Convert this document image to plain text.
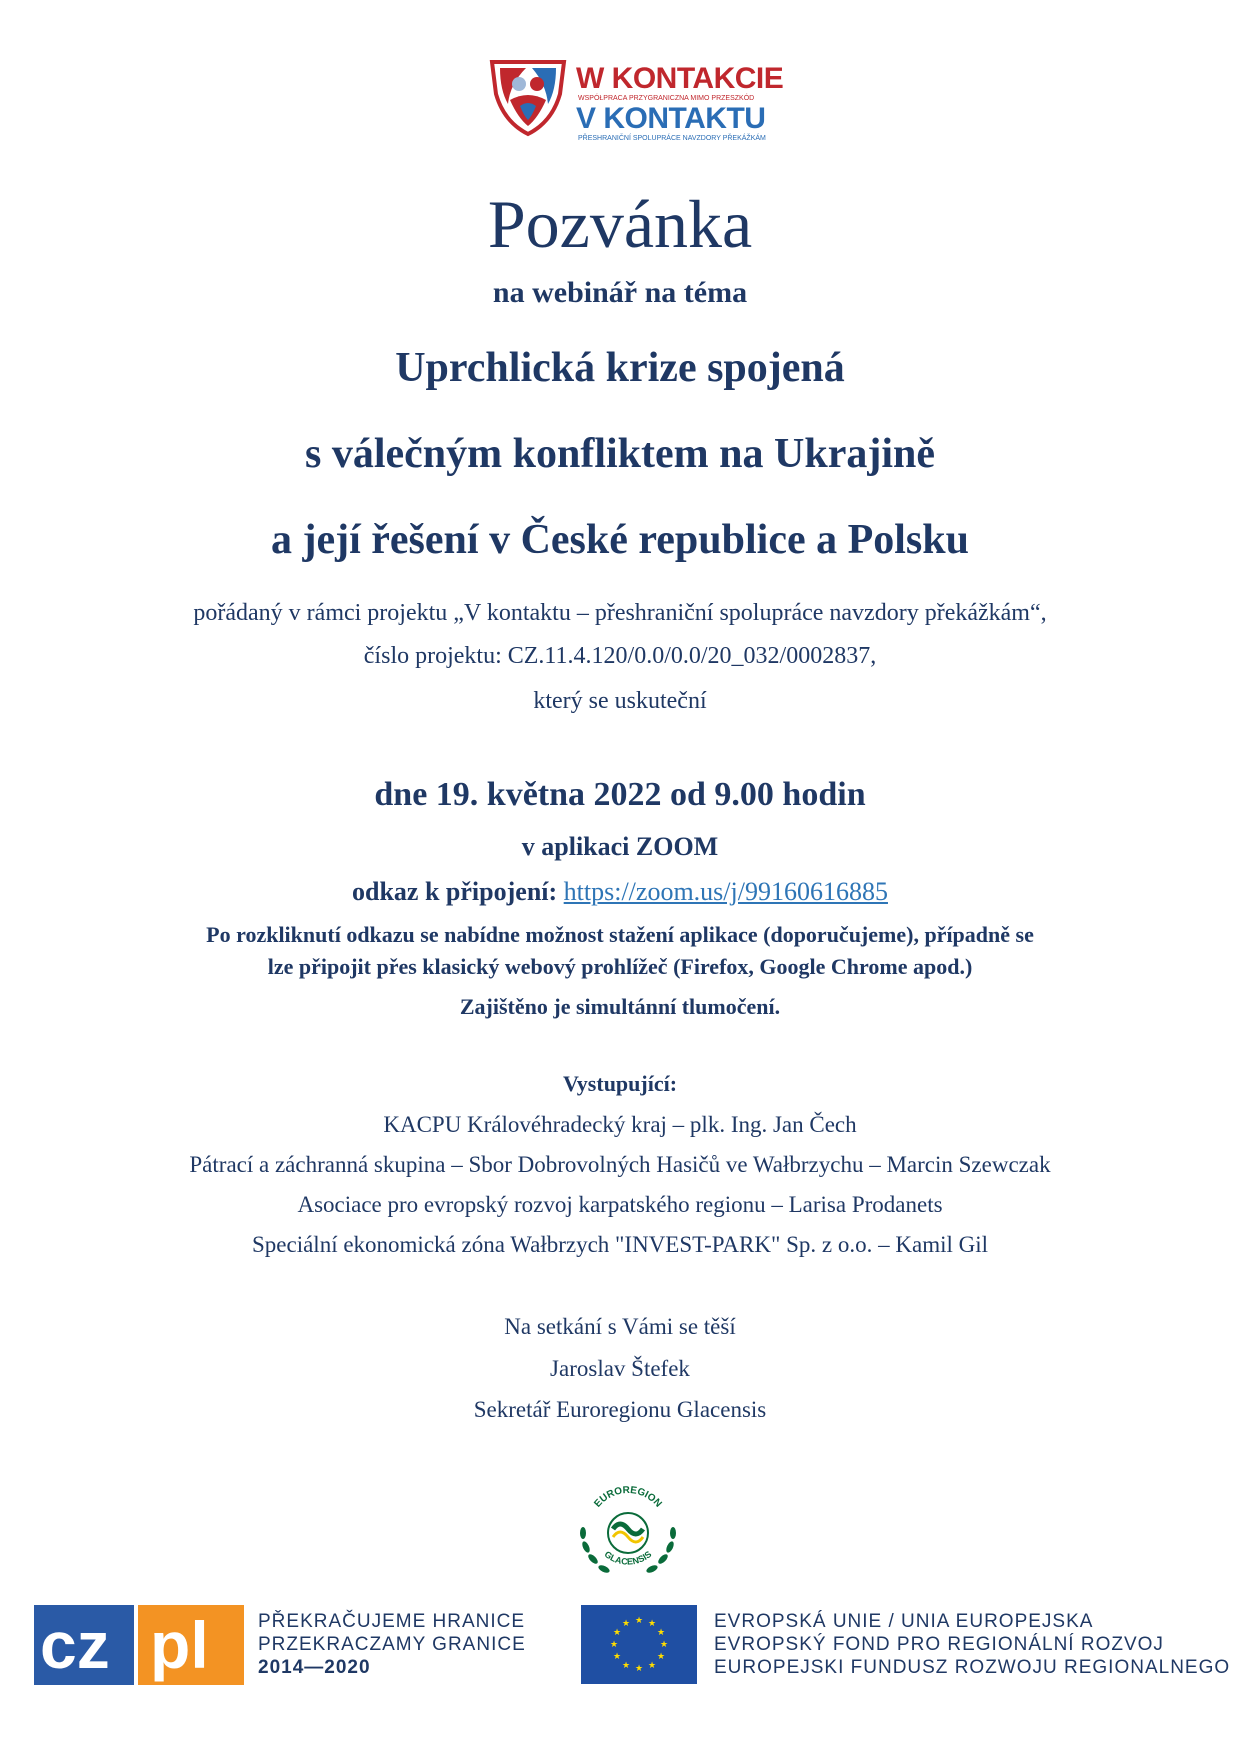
W KONTAKCIE
WSPÓŁPRACA PRZYGRANICZNA MIMO PRZESZKÓD
V KONTAKTU
PŘESHRANIČNÍ SPOLUPRÁCE NAVZDORY PŘEKÁŽKÁM
Pozvánka
na webinář na téma
Uprchlická krize spojená
s válečným konfliktem na Ukrajině
a její řešení v České republice a Polsku
pořádaný v rámci projektu „V kontaktu – přeshraniční spolupráce navzdory překážkám“,
číslo projektu: CZ.11.4.120/0.0/0.0/20_032/0002837,
který se uskuteční
dne 19. května 2022 od 9.00 hodin
v aplikaci ZOOM
odkaz k připojení: https://zoom.us/j/99160616885
Po rozkliknutí odkazu se nabídne možnost stažení aplikace (doporučujeme), případně se
lze připojit přes klasický webový prohlížeč (Firefox, Google Chrome apod.)
Zajištěno je simultánní tlumočení.
Vystupující:
KACPU Královéhradecký kraj – plk. Ing. Jan Čech
Pátrací a záchranná skupina – Sbor Dobrovolných Hasičů ve Wałbrzychu – Marcin Szewczak
Asociace pro evropský rozvoj karpatského regionu – Larisa Prodanets
Speciální ekonomická zóna Wałbrzych "INVEST-PARK" Sp. z o.o. – Kamil Gil
Na setkání s Vámi se těší
Jaroslav Štefek
Sekretář Euroregionu Glacensis
EUROREGION
GLACENSIS
cz pl	PŘEKRAČUJEME HRANICE
PRZEKRACZAMY GRANICE
2014—2020
★ ★
★
★
★
★
★
★
★
★
★
★	EVROPSKÁ UNIE / UNIA EUROPEJSKA
EVROPSKÝ FOND PRO REGIONÁLNÍ ROZVOJ
EUROPEJSKI FUNDUSZ ROZWOJU REGIONALNEGO
